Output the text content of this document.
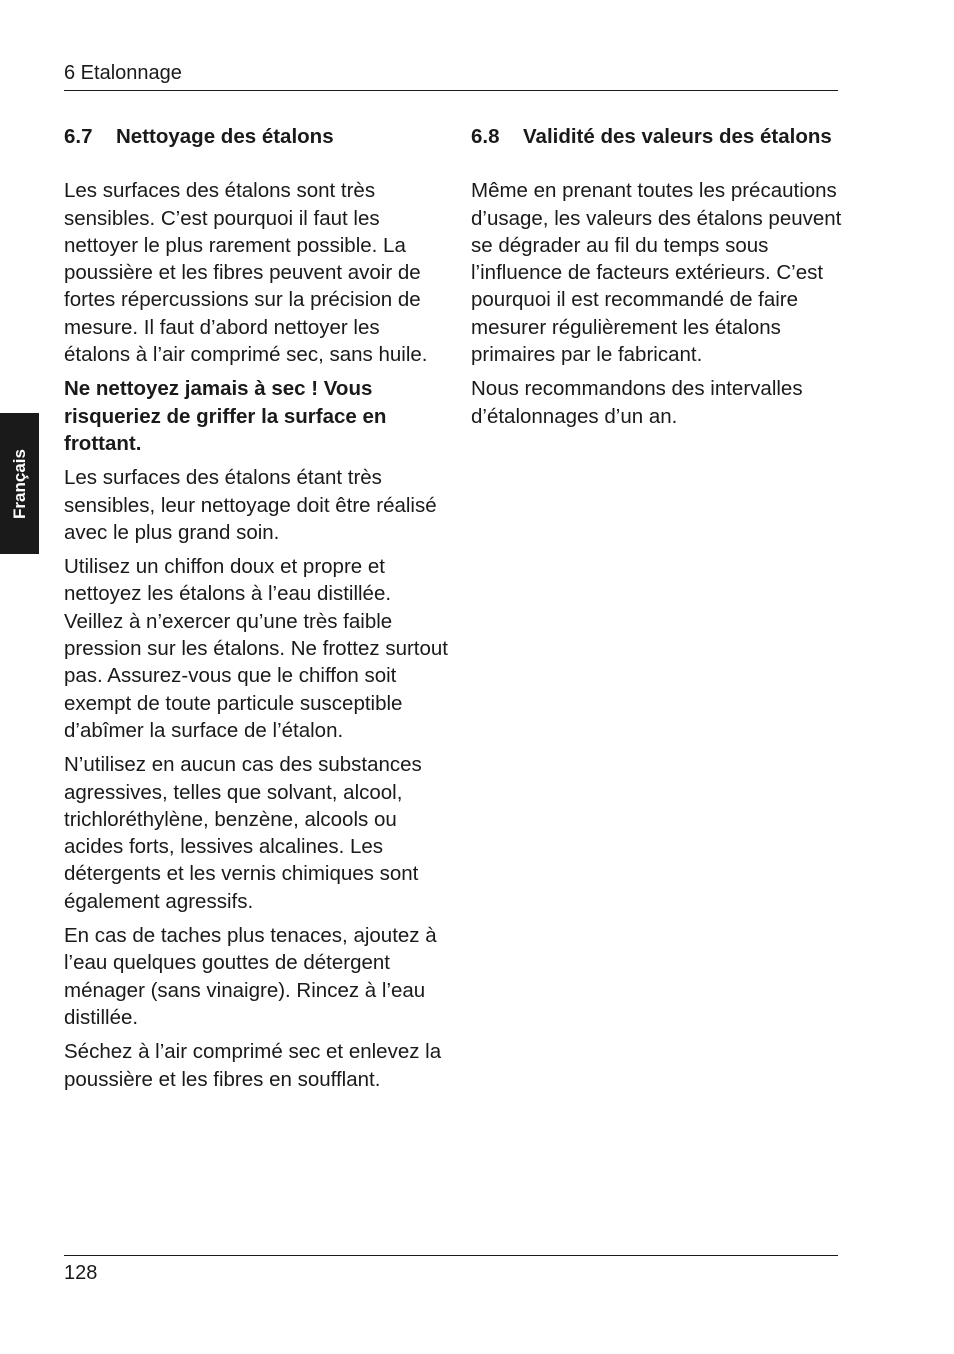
6 Etalonnage
Français
6.7	Nettoyage des étalons

Les surfaces des étalons sont très sensibles. C’est pourquoi il faut les nettoyer le plus rarement possible. La poussière et les fibres peuvent avoir de fortes répercussions sur la précision de mesure. Il faut d’abord nettoyer les étalons à l’air comprimé sec, sans huile.

Ne nettoyez jamais à sec ! Vous risqueriez de griffer la surface en frottant.

Les surfaces des étalons étant très sensibles, leur nettoyage doit être réalisé avec le plus grand soin.

Utilisez un chiffon doux et propre et nettoyez les étalons à l’eau distillée. Veillez à n’exercer qu’une très faible pression sur les étalons. Ne frottez surtout pas. Assurez-vous que le chiffon soit exempt de toute particule susceptible d’abîmer la surface de l’étalon.

N’utilisez en aucun cas des substances agressives, telles que solvant, alcool, trichloréthylène, benzène, alcools ou acides forts, lessives alcalines. Les détergents et les vernis chimiques sont également agressifs.

En cas de taches plus tenaces, ajoutez à l’eau quelques gouttes de détergent ménager (sans vinaigre). Rincez à l’eau distillée.

Séchez à l’air comprimé sec et enlevez la poussière et les fibres en soufflant.

6.8	Validité des valeurs des étalons

Même en prenant toutes les précautions d’usage, les valeurs des étalons peuvent se dégrader au fil du temps sous l’influence de facteurs extérieurs. C’est pourquoi il est recommandé de faire mesurer régulièrement les étalons primaires par le fabricant.

Nous recommandons des intervalles d’étalonnages d’un an.

128
